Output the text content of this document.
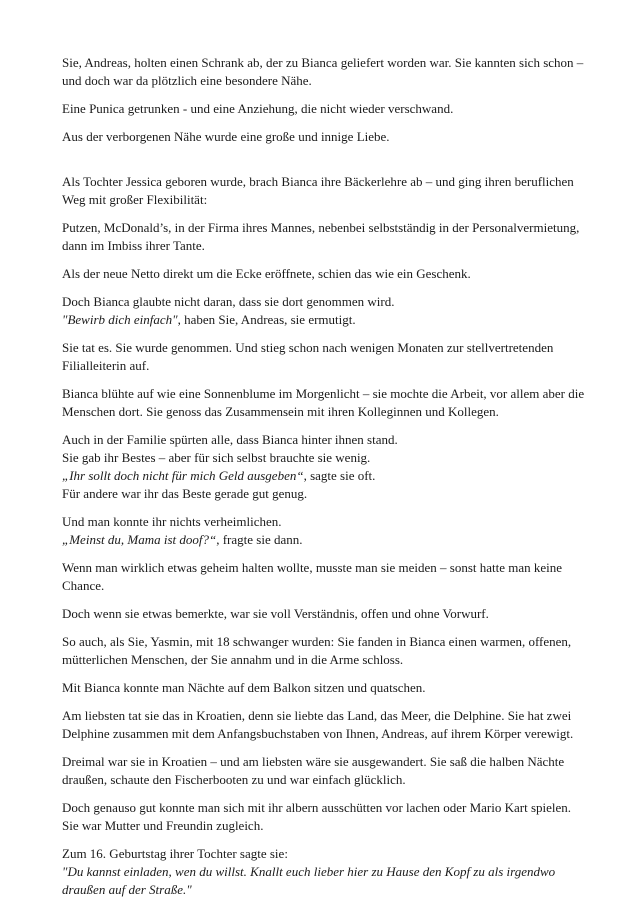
Sie, Andreas, holten einen Schrank ab, der zu Bianca geliefert worden war. Sie kannten sich schon – und doch war da plötzlich eine besondere Nähe.

Eine Punica getrunken - und eine Anziehung, die nicht wieder verschwand.

Aus der verborgenen Nähe wurde eine große und innige Liebe.

Als Tochter Jessica geboren wurde, brach Bianca ihre Bäckerlehre ab – und ging ihren beruflichen Weg mit großer Flexibilität:

Putzen, McDonald’s, in der Firma ihres Mannes, nebenbei selbstständig in der Personalvermietung, dann im Imbiss ihrer Tante.

Als der neue Netto direkt um die Ecke eröffnete, schien das wie ein Geschenk.

Doch Bianca glaubte nicht daran, dass sie dort genommen wird.
"Bewirb dich einfach", haben Sie, Andreas, sie ermutigt.

Sie tat es. Sie wurde genommen. Und stieg schon nach wenigen Monaten zur stellvertretenden Filialleiterin auf.

Bianca blühte auf wie eine Sonnenblume im Morgenlicht – sie mochte die Arbeit, vor allem aber die Menschen dort. Sie genoss das Zusammensein mit ihren Kolleginnen und Kollegen.

Auch in der Familie spürten alle, dass Bianca hinter ihnen stand.
Sie gab ihr Bestes – aber für sich selbst brauchte sie wenig.
„Ihr sollt doch nicht für mich Geld ausgeben“, sagte sie oft.
Für andere war ihr das Beste gerade gut genug.

Und man konnte ihr nichts verheimlichen.
„Meinst du, Mama ist doof?“, fragte sie dann.

Wenn man wirklich etwas geheim halten wollte, musste man sie meiden – sonst hatte man keine Chance.

Doch wenn sie etwas bemerkte, war sie voll Verständnis, offen und ohne Vorwurf.

So auch, als Sie, Yasmin, mit 18 schwanger wurden: Sie fanden in Bianca einen warmen, offenen, mütterlichen Menschen, der Sie annahm und in die Arme schloss.

Mit Bianca konnte man Nächte auf dem Balkon sitzen und quatschen.

Am liebsten tat sie das in Kroatien, denn sie liebte das Land, das Meer, die Delphine. Sie hat zwei Delphine zusammen mit dem Anfangsbuchstaben von Ihnen, Andreas, auf ihrem Körper verewigt.

Dreimal war sie in Kroatien – und am liebsten wäre sie ausgewandert. Sie saß die halben Nächte draußen, schaute den Fischerbooten zu und war einfach glücklich.

Doch genauso gut konnte man sich mit ihr albern ausschütten vor lachen oder Mario Kart spielen.
Sie war Mutter und Freundin zugleich.

Zum 16. Geburtstag ihrer Tochter sagte sie:
"Du kannst einladen, wen du willst. Knallt euch lieber hier zu Hause den Kopf zu als irgendwo draußen auf der Straße."
